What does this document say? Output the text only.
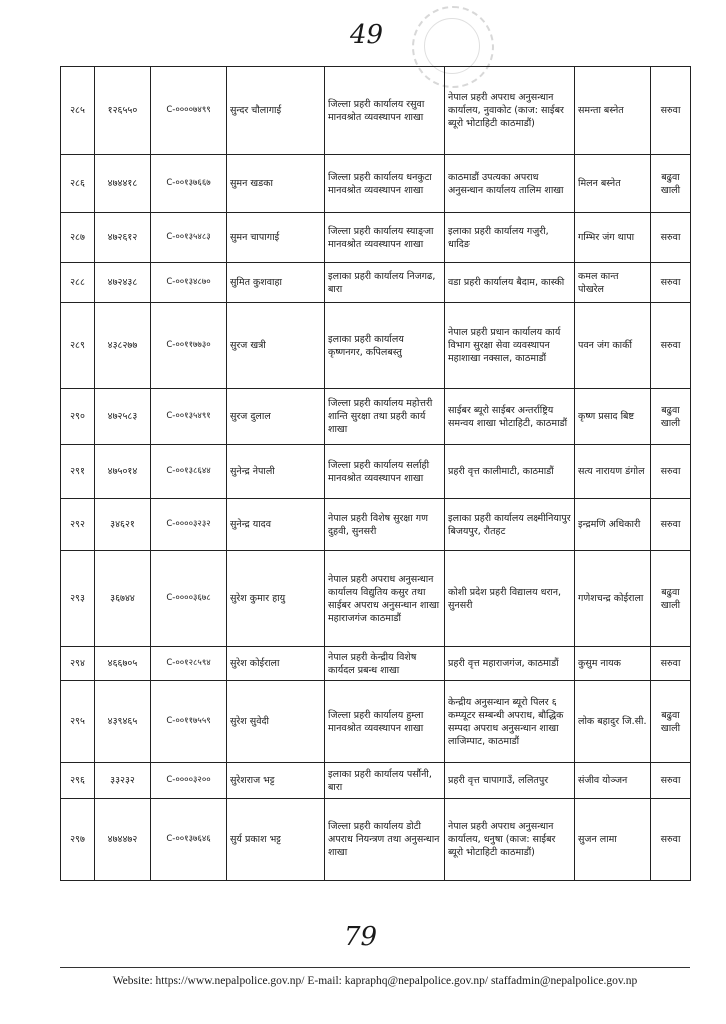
49
२८५	१२६५५०	C-००००७४९९	सुन्दर चौलागाई	जिल्ला प्रहरी कार्यालय रसुवा मानवश्रोत व्यवस्थापन शाखा	नेपाल प्रहरी अपराध अनुसन्धान कार्यालय, नुवाकोट (काज: साईबर ब्यूरो भोटाहिटी काठमाडौं)	समन्ता बस्नेत	सरुवा
२८६	४७४४१८	C-००१३७६६७	सुमन खडका	जिल्ला प्रहरी कार्यालय धनकुटा मानवश्रोत व्यवस्थापन शाखा	काठमाडौं उपत्यका अपराध अनुसन्धान कार्यालय तालिम शाखा	मिलन बस्नेत	बढुवा खाली
२८७	४७२६१२	C-००१३५४८३	सुमन चापागाई	जिल्ला प्रहरी कार्यालय स्याङ्जा मानवश्रोत व्यवस्थापन शाखा	इलाका प्रहरी कार्यालय गजुरी, धादिङ	गम्भिर जंग थापा	सरुवा
२८८	४७२४३८	C-००१३४८७०	सुमित कुशवाहा	इलाका प्रहरी कार्यालय निजगढ, बारा	वडा प्रहरी कार्यालय बैदाम, कास्की	कमल कान्त पोखरेल	सरुवा
२८९	४३८२७७	C-००११७७३०	सुरज खत्री	इलाका प्रहरी कार्यालय कृष्णनगर, कपिलबस्तु	नेपाल प्रहरी प्रधान कार्यालय कार्य विभाग सुरक्षा सेवा व्यवस्थापन महाशाखा नक्साल, काठमाडौं	पवन जंग कार्की	सरुवा
२९०	४७२५८३	C-००१३५४९१	सुरज दुलाल	जिल्ला प्रहरी कार्यालय महोत्तरी शान्ति सुरक्षा तथा प्रहरी कार्य शाखा	साईबर ब्यूरो साईबर अन्तर्राष्ट्रिय समन्वय शाखा भोटाहिटी, काठमाडौं	कृष्ण प्रसाद बिष्ट	बढुवा खाली
२९१	४७५०१४	C-००१३८६४४	सुनेन्द्र नेपाली	जिल्ला प्रहरी कार्यालय सर्लाही मानवश्रोत व्यवस्थापन शाखा	प्रहरी वृत्त कालीमाटी, काठमाडौं	सत्य नारायण डंगोल	सरुवा
२९२	३४६२१	C-००००३२३२	सुनेन्द्र यादव	नेपाल प्रहरी विशेष सुरक्षा गण दुहवी, सुनसरी	इलाका प्रहरी कार्यालय लक्ष्मीनियापुर बिजयपुर, रौतहट	इन्द्रमणि अधिकारी	सरुवा
२९३	३६७४४	C-००००३६७८	सुरेश कुमार हायु	नेपाल प्रहरी अपराध अनुसन्धान कार्यालय विद्युतिय कसुर तथा साईबर अपराध अनुसन्धान शाखा महाराजगंज काठमाडौं	कोशी प्रदेश प्रहरी विद्यालय धरान, सुनसरी	गणेशचन्द्र कोईराला	बढुवा खाली
२९४	४६६७०५	C-००१२८५९४	सुरेश कोईराला	नेपाल प्रहरी केन्द्रीय विशेष कार्यदल प्रबन्ध शाखा	प्रहरी वृत्त महाराजगंज, काठमाडौं	कुसुम नायक	सरुवा
२९५	४३९४६५	C-००११७५५९	सुरेश सुवेदी	जिल्ला प्रहरी कार्यालय हुम्ला मानवश्रोत व्यवस्थापन शाखा	केन्द्रीय अनुसन्धान ब्यूरो पिलर ६ कम्प्यूटर सम्बन्धी अपराध, बौद्धिक सम्पदा अपराध अनुसन्धान शाखा लाजिम्पाट, काठमाडौं	लोक बहादुर जि.सी.	बढुवा खाली
२९६	३३२३२	C-००००३२००	सुरेशराज भट्ट	इलाका प्रहरी कार्यालय पर्सौनी, बारा	प्रहरी वृत्त चापागाउँ, ललितपुर	संजीव योञ्जन	सरुवा
२९७	४७४४७२	C-००१३७६४६	सुर्य प्रकाश भट्ट	जिल्ला प्रहरी कार्यालय डोटी अपराध नियन्त्रण तथा अनुसन्धान शाखा	नेपाल प्रहरी अपराध अनुसन्धान कार्यालय, धनुषा (काज: साईबर ब्यूरो भोटाहिटी काठमाडौं)	सुजन लामा	सरुवा
79
Website: https://www.nepalpolice.gov.np/ E-mail: kapraphq@nepalpolice.gov.np/ staffadmin@nepalpolice.gov.np
